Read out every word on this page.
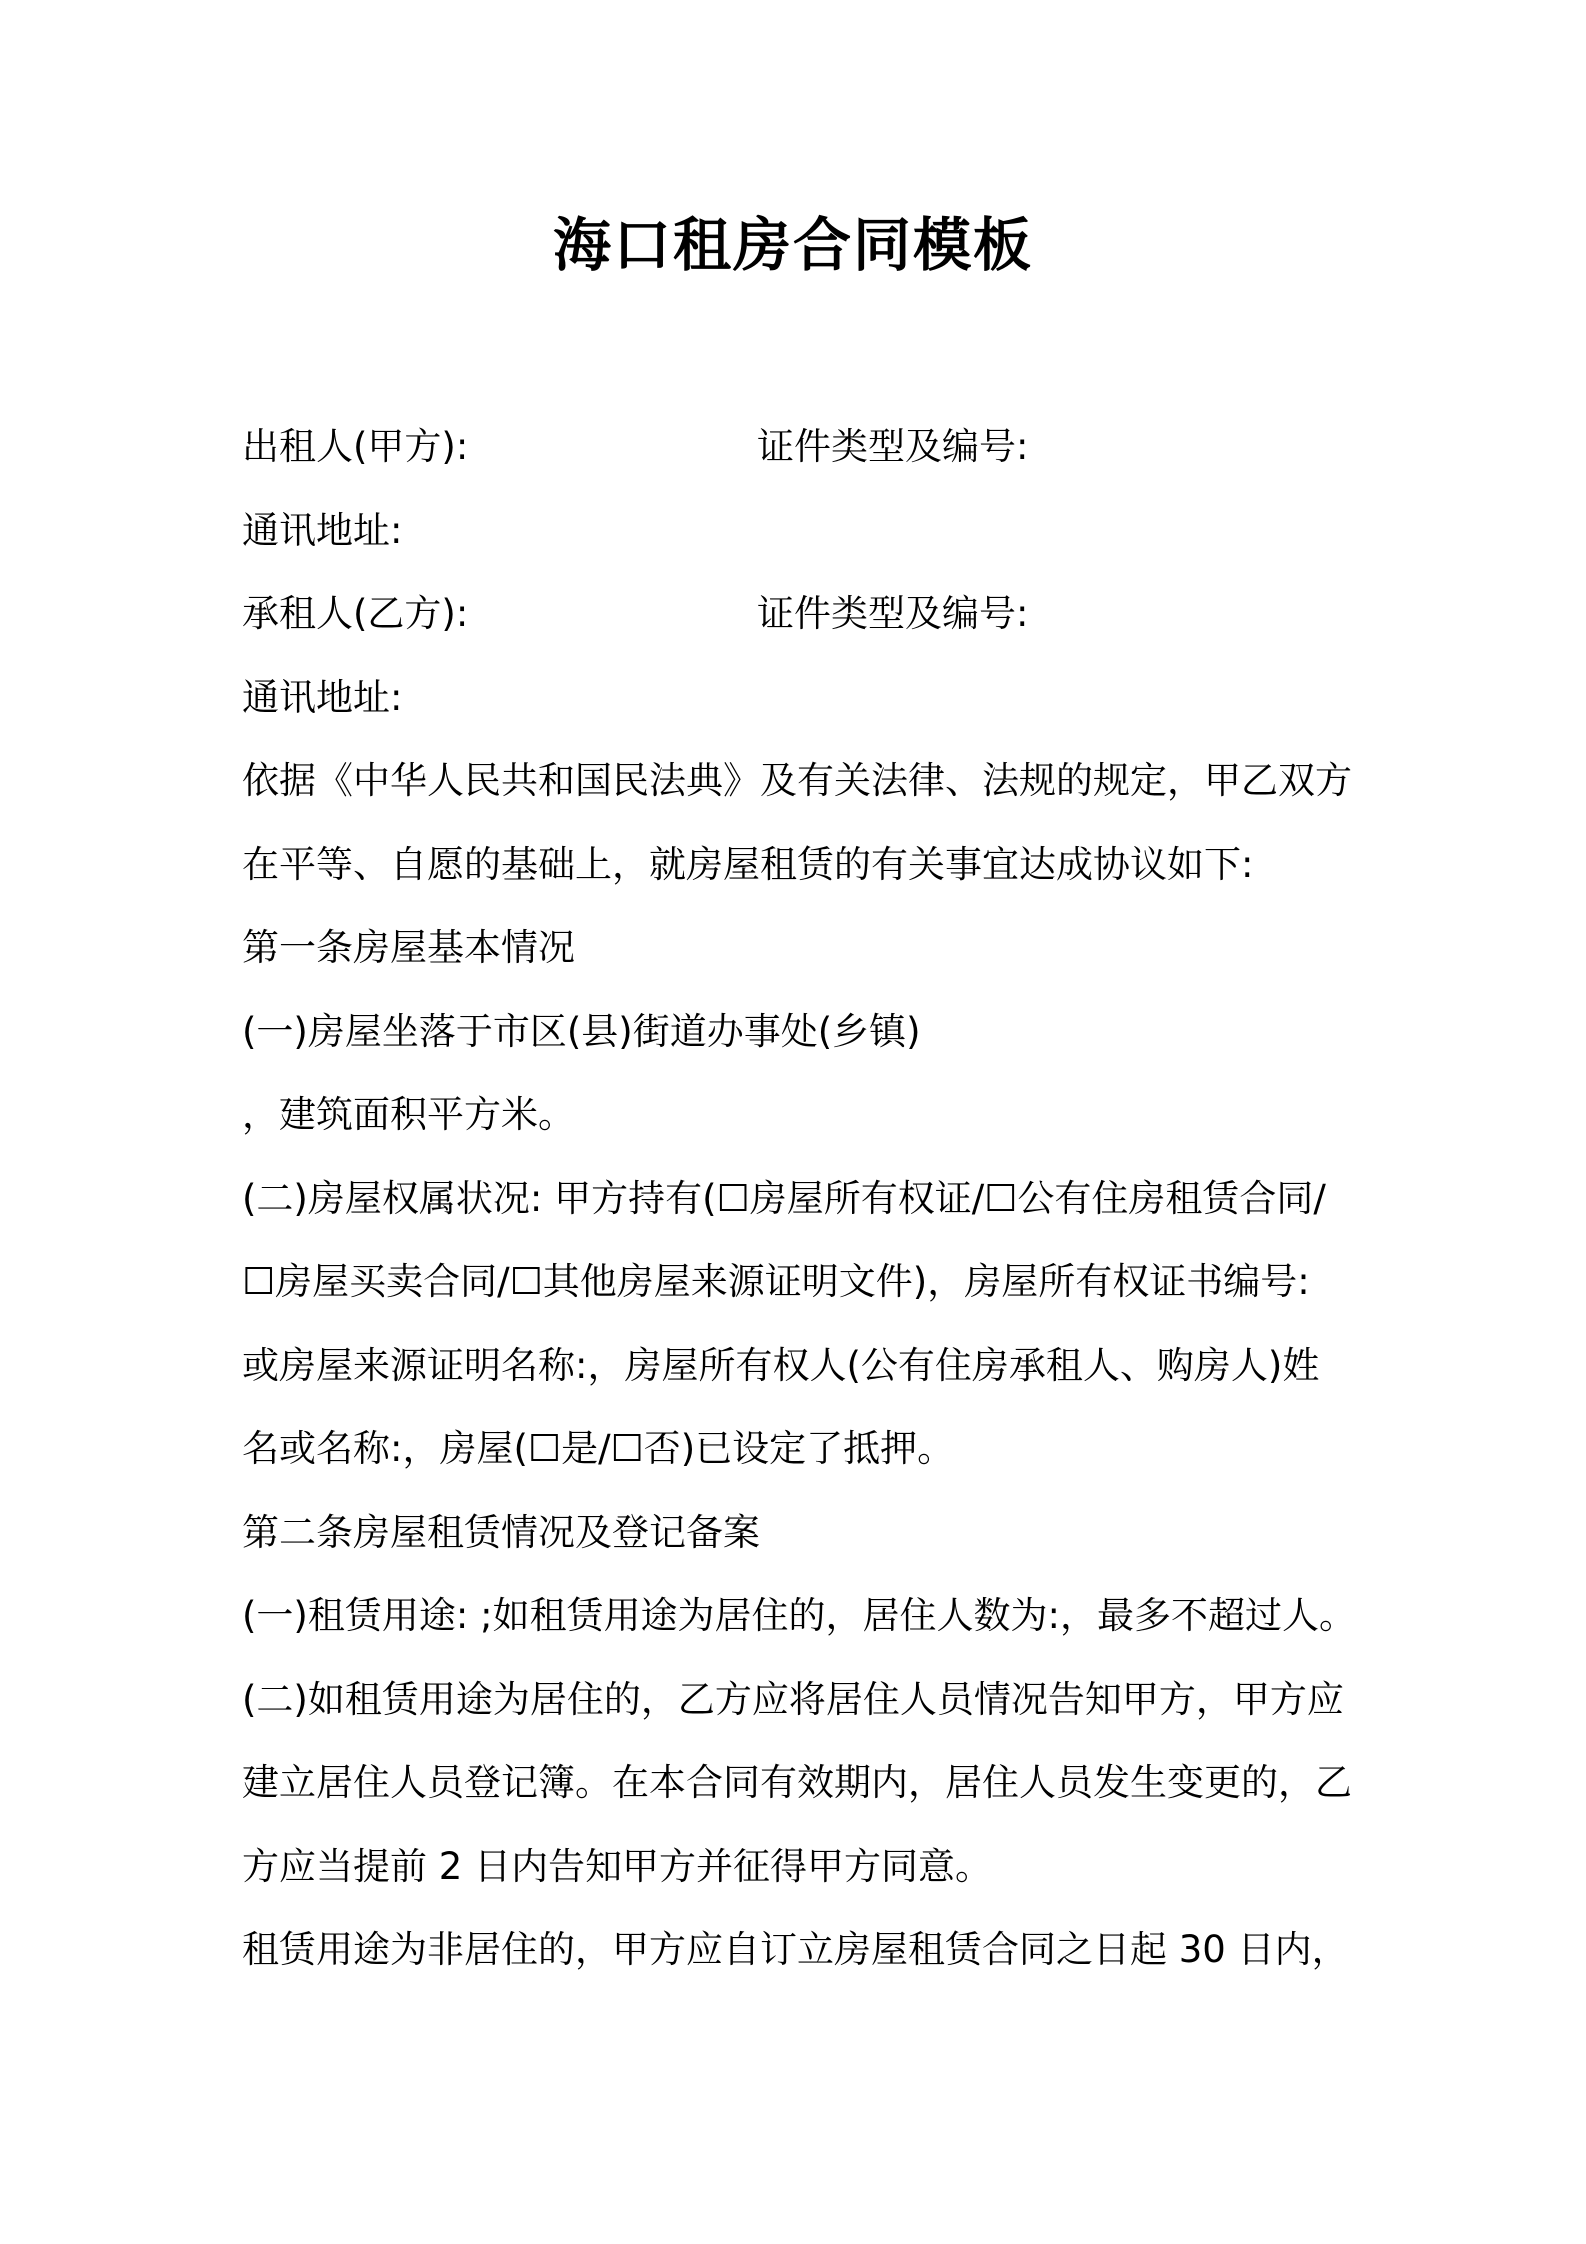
海口租房合同模板
出租人(甲方):	证件类型及编号:
通讯地址:
承租人(乙方):	证件类型及编号:
通讯地址:
依据《中华人民共和国民法典》及有关法律、法规的规定，甲乙双方
在平等、自愿的基础上，就房屋租赁的有关事宜达成协议如下:
第一条房屋基本情况
(一)房屋坐落于市区(县)街道办事处(乡镇)
，建筑面积平方米。
(二)房屋权属状况: 甲方持有(☐房屋所有权证/☐公有住房租赁合同/
☐房屋买卖合同/☐其他房屋来源证明文件)，房屋所有权证书编号:
或房屋来源证明名称:，房屋所有权人(公有住房承租人、购房人)姓
名或名称:，房屋(☐是/☐否)已设定了抵押。
第二条房屋租赁情况及登记备案
(一)租赁用途: ;如租赁用途为居住的，居住人数为:，最多不超过人。
(二)如租赁用途为居住的，乙方应将居住人员情况告知甲方，甲方应
建立居住人员登记簿。在本合同有效期内，居住人员发生变更的，乙
方应当提前 2 日内告知甲方并征得甲方同意。
租赁用途为非居住的，甲方应自订立房屋租赁合同之日起 30 日内，
